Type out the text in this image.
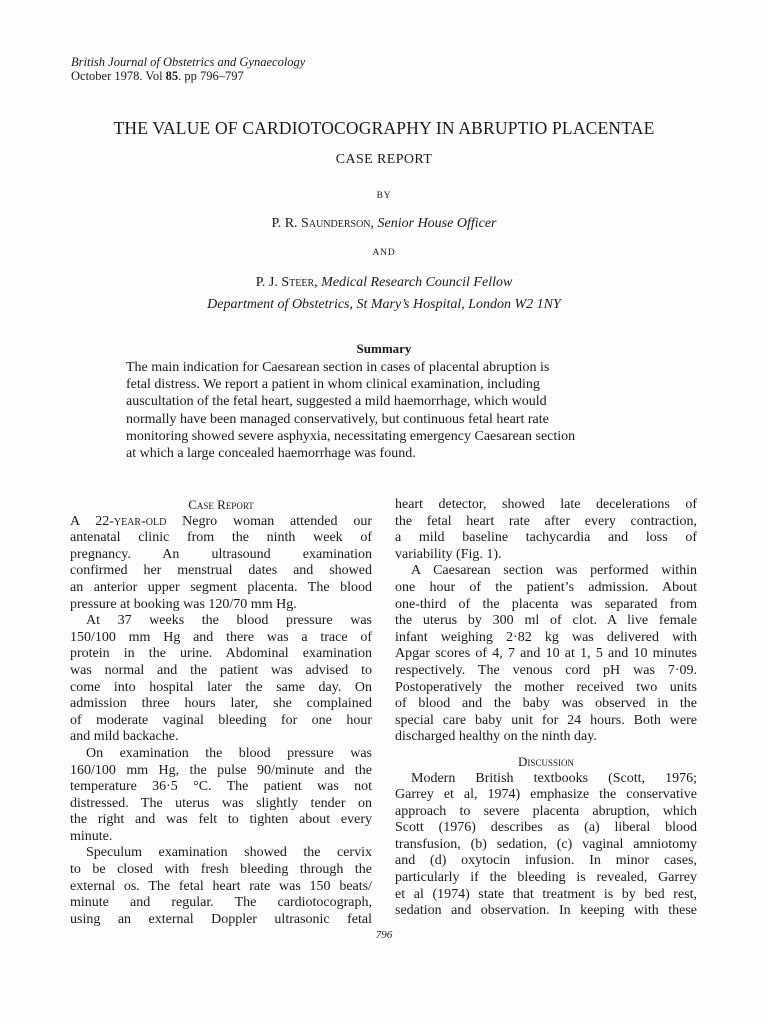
British Journal of Obstetrics and Gynaecology
October 1978. Vol 85. pp 796–797
THE VALUE OF CARDIOTOCOGRAPHY IN ABRUPTIO PLACENTAE
CASE REPORT
BY
P. R. Saunderson, Senior House Officer
AND
P. J. Steer, Medical Research Council Fellow
Department of Obstetrics, St Mary’s Hospital, London W2 1NY
Summary
The main indication for Caesarean section in cases of placental abruption is
fetal distress. We report a patient in whom clinical examination, including
auscultation of the fetal heart, suggested a mild haemorrhage, which would
normally have been managed conservatively, but continuous fetal heart rate
monitoring showed severe asphyxia, necessitating emergency Caesarean section
at which a large concealed haemorrhage was found.
Case Report
A 22-year-old Negro woman attended our
antenatal clinic from the ninth week of
pregnancy. An ultrasound examination
confirmed her menstrual dates and showed
an anterior upper segment placenta. The blood
pressure at booking was 120/70 mm Hg.
At 37 weeks the blood pressure was
150/100 mm Hg and there was a trace of
protein in the urine. Abdominal examination
was normal and the patient was advised to
come into hospital later the same day. On
admission three hours later, she complained
of moderate vaginal bleeding for one hour
and mild backache.
On examination the blood pressure was
160/100 mm Hg, the pulse 90/minute and the
temperature 36·5 °C. The patient was not
distressed. The uterus was slightly tender on
the right and was felt to tighten about every
minute.
Speculum examination showed the cervix
to be closed with fresh bleeding through the
external os. The fetal heart rate was 150 beats/
minute and regular. The cardiotocograph,
using an external Doppler ultrasonic fetal
heart detector, showed late decelerations of
the fetal heart rate after every contraction,
a mild baseline tachycardia and loss of
variability (Fig. 1).
A Caesarean section was performed within
one hour of the patient’s admission. About
one-third of the placenta was separated from
the uterus by 300 ml of clot. A live female
infant weighing 2·82 kg was delivered with
Apgar scores of 4, 7 and 10 at 1, 5 and 10 minutes
respectively. The venous cord pH was 7·09.
Postoperatively the mother received two units
of blood and the baby was observed in the
special care baby unit for 24 hours. Both were
discharged healthy on the ninth day.
Discussion
Modern British textbooks (Scott, 1976;
Garrey et al, 1974) emphasize the conservative
approach to severe placenta abruption, which
Scott (1976) describes as (a) liberal blood
transfusion, (b) sedation, (c) vaginal amniotomy
and (d) oxytocin infusion. In minor cases,
particularly if the bleeding is revealed, Garrey
et al (1974) state that treatment is by bed rest,
sedation and observation. In keeping with these
796
